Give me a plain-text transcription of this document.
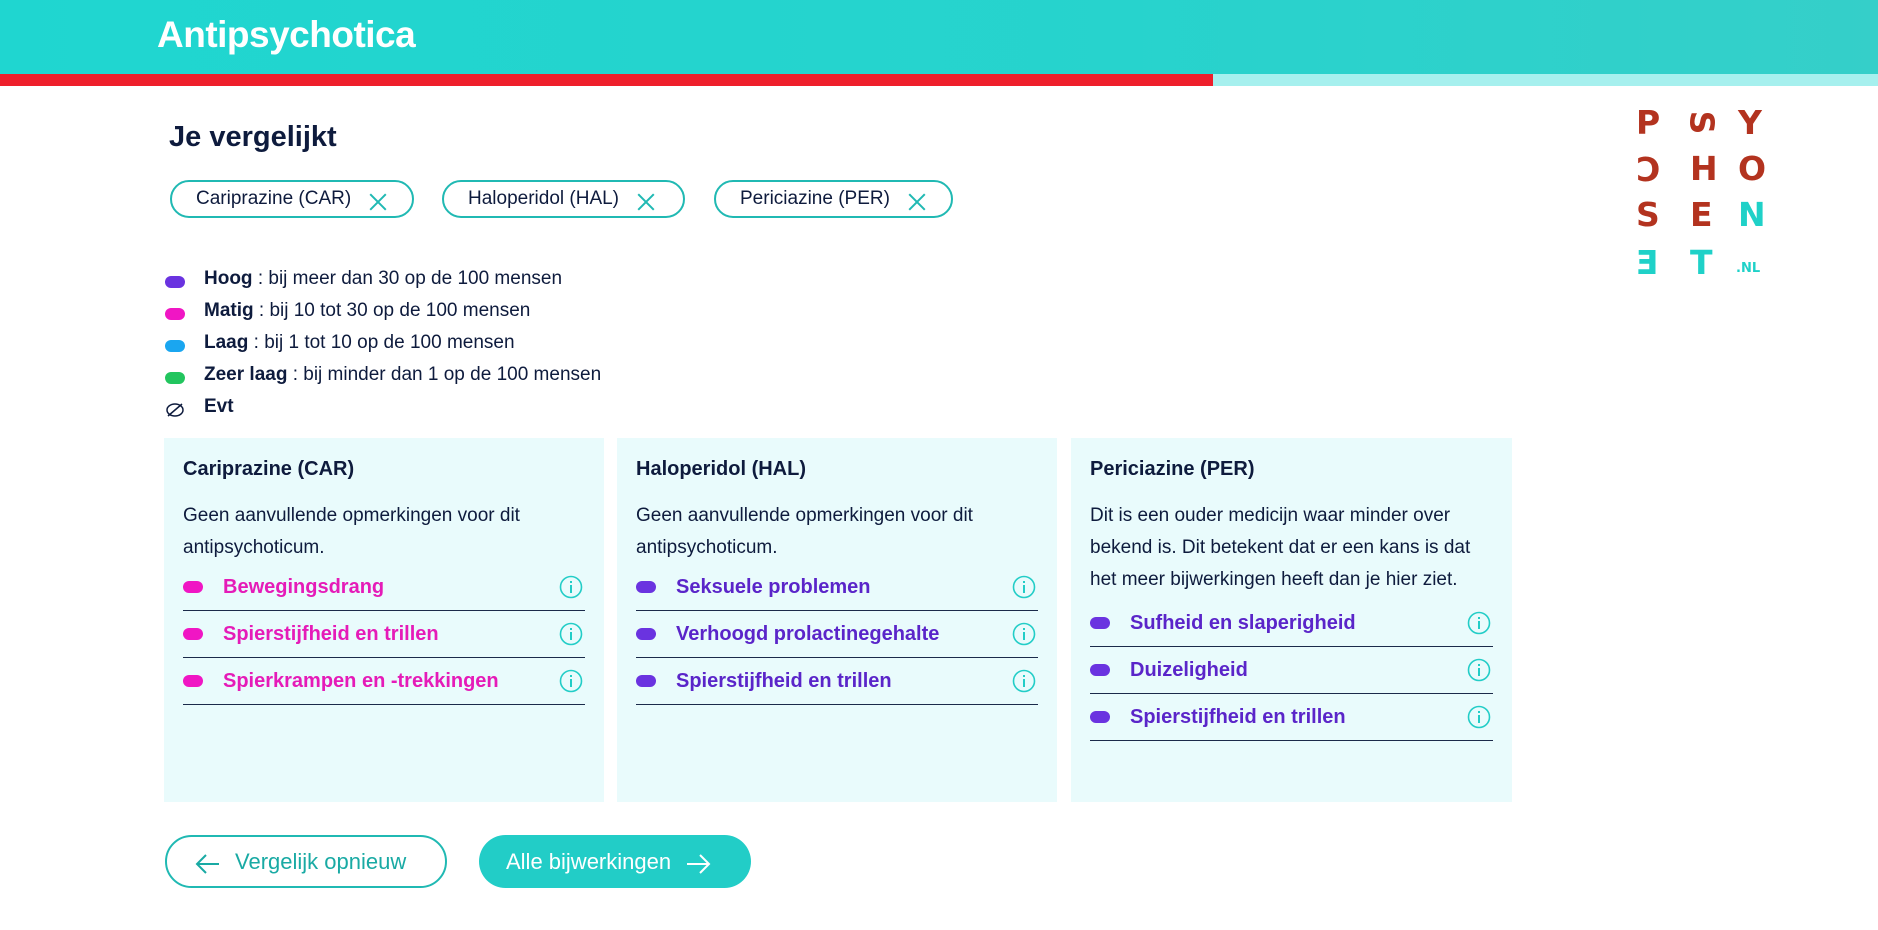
Antipsychotica
P S Y
C H O
S E N
E T .NL
Je vergelijkt
Cariprazine (CAR)	Haloperidol (HAL)	Periciazine (PER)
Hoog : bij meer dan 30 op de 100 mensen
Matig : bij 10 tot 30 op de 100 mensen
Laag : bij 1 tot 10 op de 100 mensen
Zeer laag : bij minder dan 1 op de 100 mensen
Evt
Cariprazine (CAR)
Geen aanvullende opmerkingen voor dit antipsychoticum.
Bewegingsdrang
Spierstijfheid en trillen
Spierkrampen en -trekkingen
Haloperidol (HAL)
Geen aanvullende opmerkingen voor dit antipsychoticum.
Seksuele problemen
Verhoogd prolactinegehalte
Spierstijfheid en trillen
Periciazine (PER)
Dit is een ouder medicijn waar minder over bekend is. Dit betekent dat er een kans is dat het meer bijwerkingen heeft dan je hier ziet.
Sufheid en slaperigheid
Duizeligheid
Spierstijfheid en trillen
Vergelijk opnieuw	Alle bijwerkingen
